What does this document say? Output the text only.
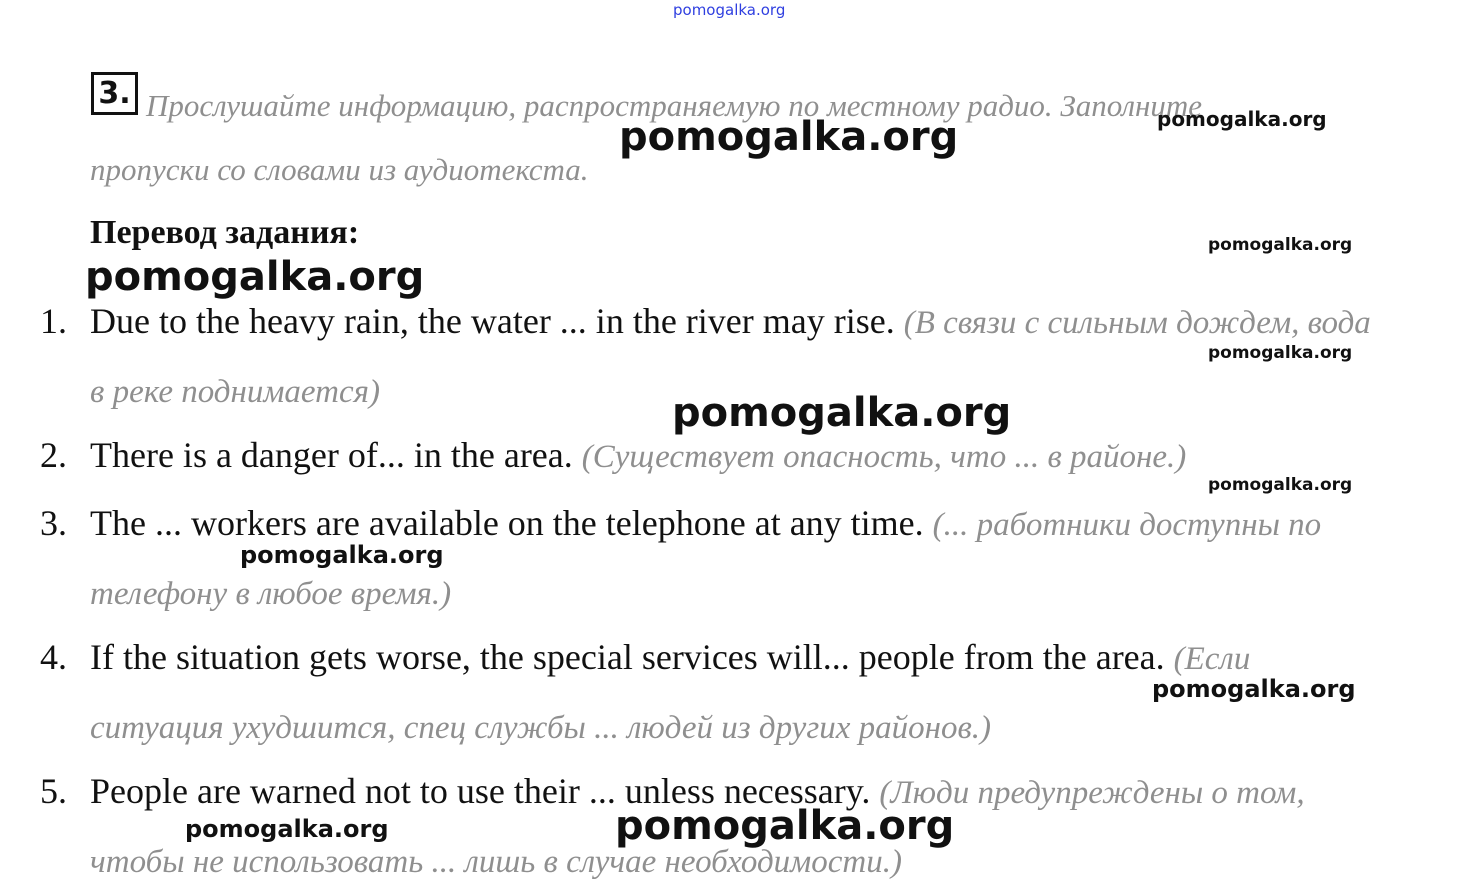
pomogalka.org
3. Прослушайте информацию, распространяемую по местному радио. Заполните пропуски со словами из аудиотекста.
Перевод задания:
1. Due to the heavy rain, the water ... in the river may rise. (В связи с сильным дождем, вода в реке поднимается)
2. There is a danger of... in the area. (Существует опасность, что ... в районе.)
3. The ... workers are available on the telephone at any time. (... работники доступны по телефону в любое время.)
4. If the situation gets worse, the special services will... people from the area. (Если ситуация ухудшится, спец службы ... людей из других районов.)
5. People are warned not to use their ... unless necessary. (Люди предупреждены о том, чтобы не использовать ... лишь в случае необходимости.)
pomogalka.org	pomogalka.org
pomogalka.org
pomogalka.org
pomogalka.org
pomogalka.org
pomogalka.org
pomogalka.org
pomogalka.org
pomogalka.org	pomogalka.org
